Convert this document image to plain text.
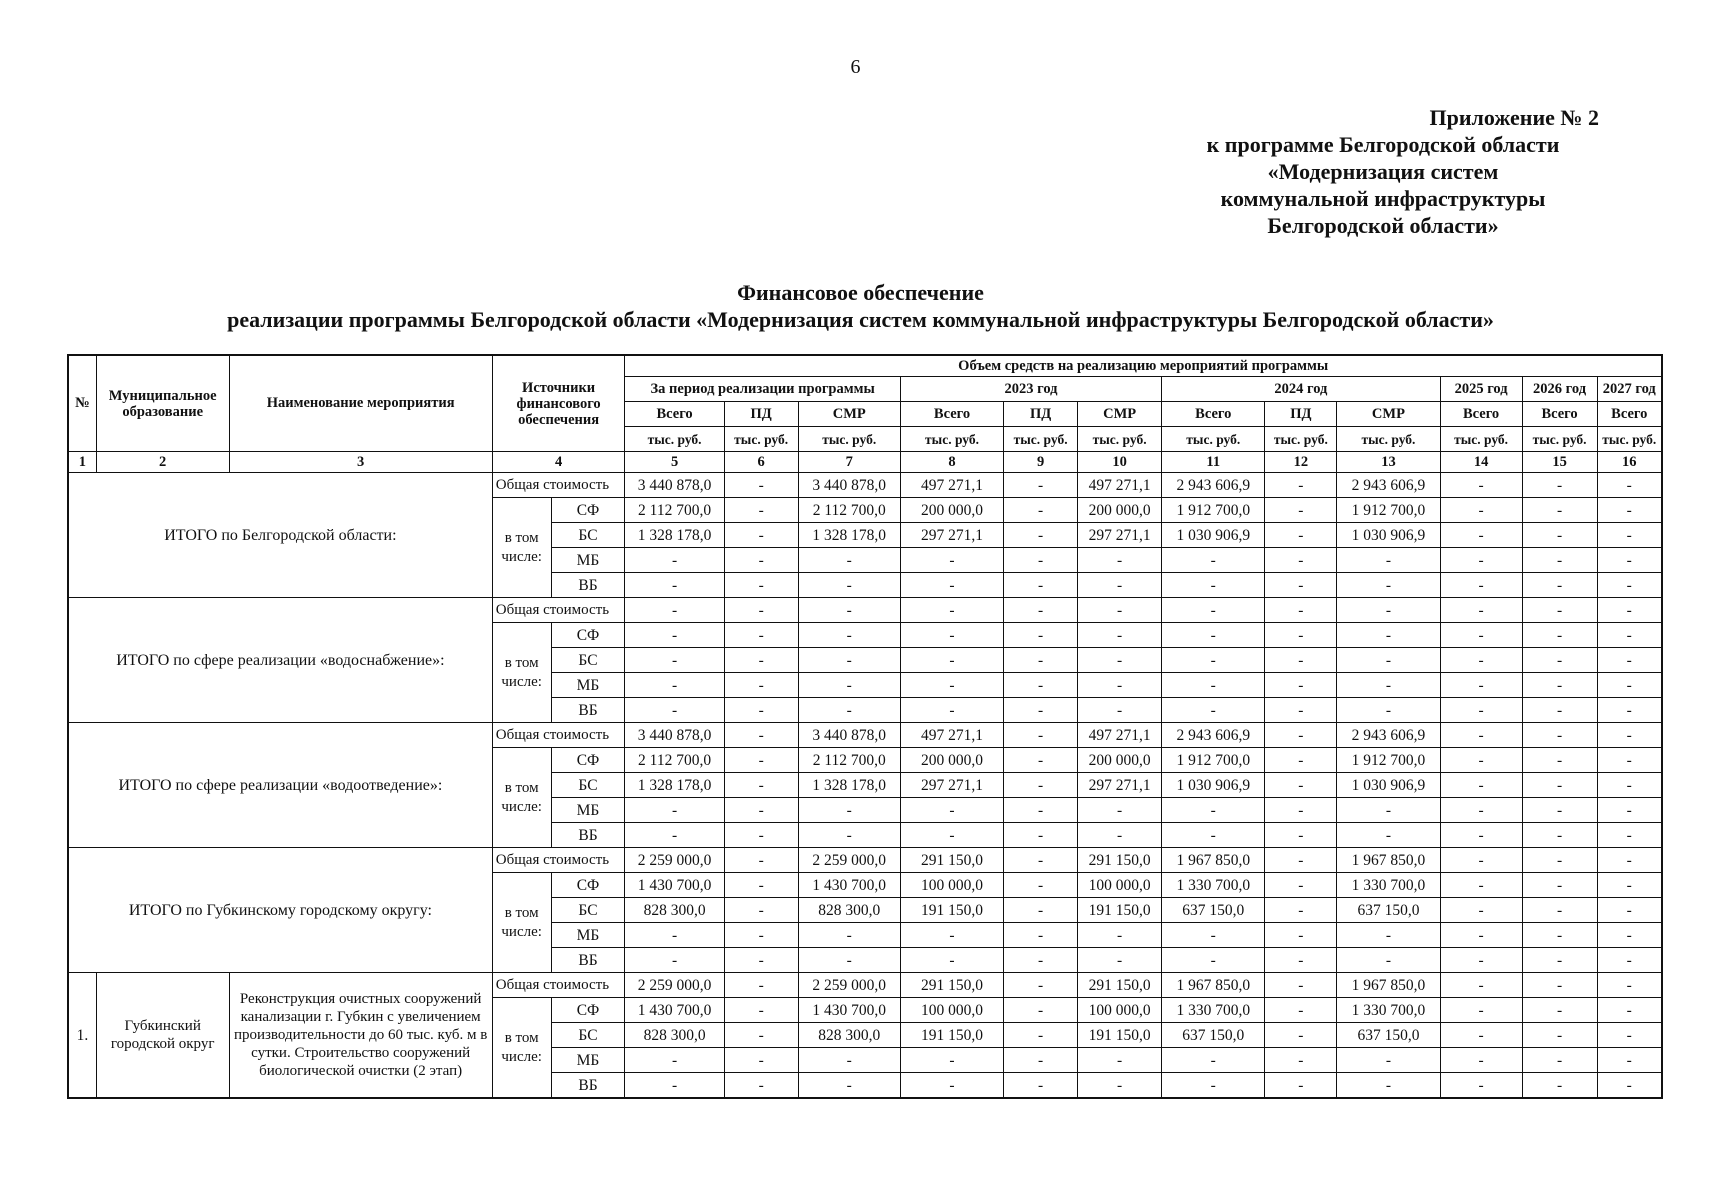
6
Приложение № 2
к программе Белгородской области
«Модернизация систем
коммунальной инфраструктуры
Белгородской области»
Финансовое обеспечение
реализации программы Белгородской области «Модернизация систем коммунальной инфраструктуры Белгородской области»
№	Муниципальное образование	Наименование мероприятия	Источники финансового обеспечения		Объем средств на реализацию мероприятий программы											
					За период реализации программы			2023 год			2024 год			2025 год	2026 год	2027 год
					Всего	ПД	СМР	Всего	ПД	СМР	Всего	ПД	СМР	Всего	Всего	Всего
					тыс. руб.	тыс. руб.	тыс. руб.	тыс. руб.	тыс. руб.	тыс. руб.	тыс. руб.	тыс. руб.	тыс. руб.	тыс. руб.	тыс. руб.	тыс. руб.
1	2	3	4		5	6	7	8	9	10	11	12	13	14	15	16
ИТОГО по Белгородской области:			Общая стоимость		3 440 878,0	-	3 440 878,0	497 271,1	-	497 271,1	2 943 606,9	-	2 943 606,9	-	-	-
			в том числе:	СФ	2 112 700,0	-	2 112 700,0	200 000,0	-	200 000,0	1 912 700,0	-	1 912 700,0	-	-	-
				БС	1 328 178,0	-	1 328 178,0	297 271,1	-	297 271,1	1 030 906,9	-	1 030 906,9	-	-	-
				МБ	-	-	-	-	-	-	-	-	-	-	-	-
				ВБ	-	-	-	-	-	-	-	-	-	-	-	-
ИТОГО по сфере реализации «водоснабжение»:			Общая стоимость		-	-	-	-	-	-	-	-	-	-	-	-
			в том числе:	СФ	-	-	-	-	-	-	-	-	-	-	-	-
				БС	-	-	-	-	-	-	-	-	-	-	-	-
				МБ	-	-	-	-	-	-	-	-	-	-	-	-
				ВБ	-	-	-	-	-	-	-	-	-	-	-	-
ИТОГО по сфере реализации «водоотведение»:			Общая стоимость		3 440 878,0	-	3 440 878,0	497 271,1	-	497 271,1	2 943 606,9	-	2 943 606,9	-	-	-
			в том числе:	СФ	2 112 700,0	-	2 112 700,0	200 000,0	-	200 000,0	1 912 700,0	-	1 912 700,0	-	-	-
				БС	1 328 178,0	-	1 328 178,0	297 271,1	-	297 271,1	1 030 906,9	-	1 030 906,9	-	-	-
				МБ	-	-	-	-	-	-	-	-	-	-	-	-
				ВБ	-	-	-	-	-	-	-	-	-	-	-	-
ИТОГО по Губкинскому городскому округу:			Общая стоимость		2 259 000,0	-	2 259 000,0	291 150,0	-	291 150,0	1 967 850,0	-	1 967 850,0	-	-	-
			в том числе:	СФ	1 430 700,0	-	1 430 700,0	100 000,0	-	100 000,0	1 330 700,0	-	1 330 700,0	-	-	-
				БС	828 300,0	-	828 300,0	191 150,0	-	191 150,0	637 150,0	-	637 150,0	-	-	-
				МБ	-	-	-	-	-	-	-	-	-	-	-	-
				ВБ	-	-	-	-	-	-	-	-	-	-	-	-
1.	Губкинский городской округ	Реконструкция очистных сооружений канализации г. Губкин с увеличением производительности до 60 тыс. куб. м в сутки. Строительство сооружений биологической очистки (2 этап)	Общая стоимость		2 259 000,0	-	2 259 000,0	291 150,0	-	291 150,0	1 967 850,0	-	1 967 850,0	-	-	-
			в том числе:	СФ	1 430 700,0	-	1 430 700,0	100 000,0	-	100 000,0	1 330 700,0	-	1 330 700,0	-	-	-
				БС	828 300,0	-	828 300,0	191 150,0	-	191 150,0	637 150,0	-	637 150,0	-	-	-
				МБ	-	-	-	-	-	-	-	-	-	-	-	-
				ВБ	-	-	-	-	-	-	-	-	-	-	-	-
